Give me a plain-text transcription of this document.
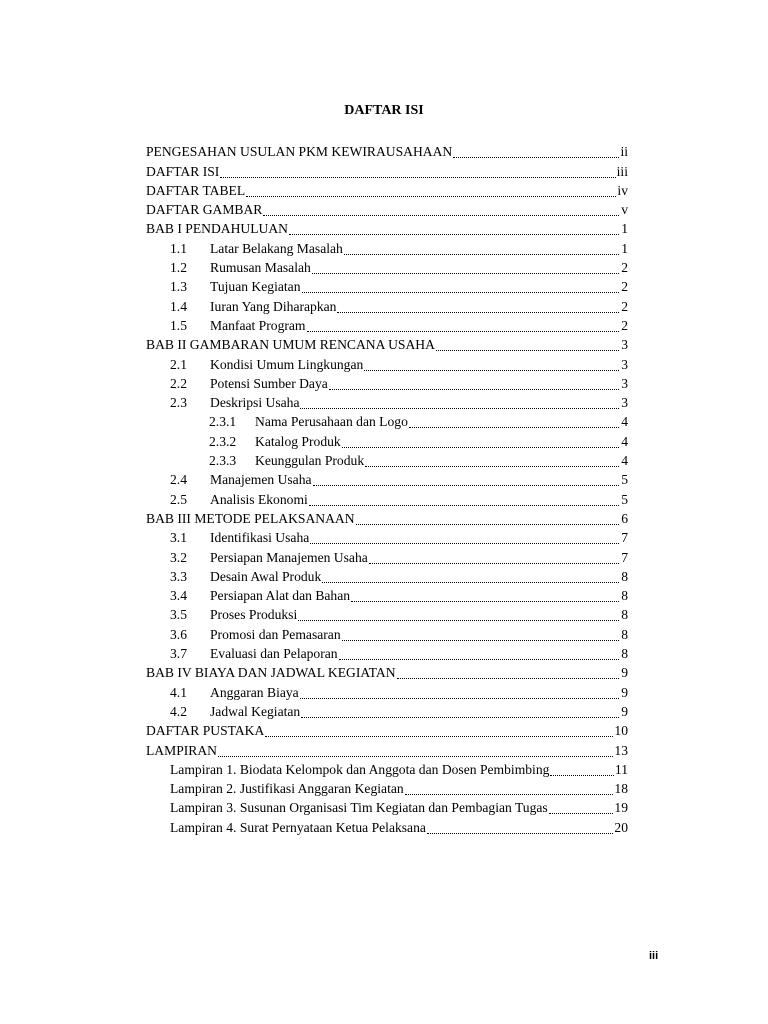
DAFTAR ISI
PENGESAHAN USULAN PKM KEWIRAUSAHAAN	ii
DAFTAR ISI	iii
DAFTAR TABEL	iv
DAFTAR GAMBAR	v
BAB I PENDAHULUAN	1
1.1	Latar Belakang Masalah	1
1.2	Rumusan Masalah	2
1.3	Tujuan Kegiatan	2
1.4	Iuran Yang Diharapkan	2
1.5	Manfaat Program	2
BAB II GAMBARAN UMUM RENCANA USAHA	3
2.1	Kondisi Umum Lingkungan	3
2.2	Potensi Sumber Daya	3
2.3	Deskripsi Usaha	3
2.3.1	Nama Perusahaan dan Logo	4
2.3.2	Katalog Produk	4
2.3.3	Keunggulan Produk	4
2.4	Manajemen Usaha	5
2.5	Analisis Ekonomi	5
BAB III METODE PELAKSANAAN	6
3.1	Identifikasi Usaha	7
3.2	Persiapan Manajemen Usaha	7
3.3	Desain Awal Produk	8
3.4	Persiapan Alat dan Bahan	8
3.5	Proses Produksi	8
3.6	Promosi dan Pemasaran	8
3.7	Evaluasi dan Pelaporan	8
BAB IV BIAYA DAN JADWAL KEGIATAN	9
4.1	Anggaran Biaya	9
4.2	Jadwal Kegiatan	9
DAFTAR PUSTAKA	10
LAMPIRAN	13
Lampiran 1. Biodata Kelompok dan Anggota dan Dosen Pembimbing	11
Lampiran 2. Justifikasi Anggaran Kegiatan	18
Lampiran 3. Susunan Organisasi Tim Kegiatan dan Pembagian Tugas	19
Lampiran 4. Surat Pernyataan Ketua Pelaksana	20
iii
